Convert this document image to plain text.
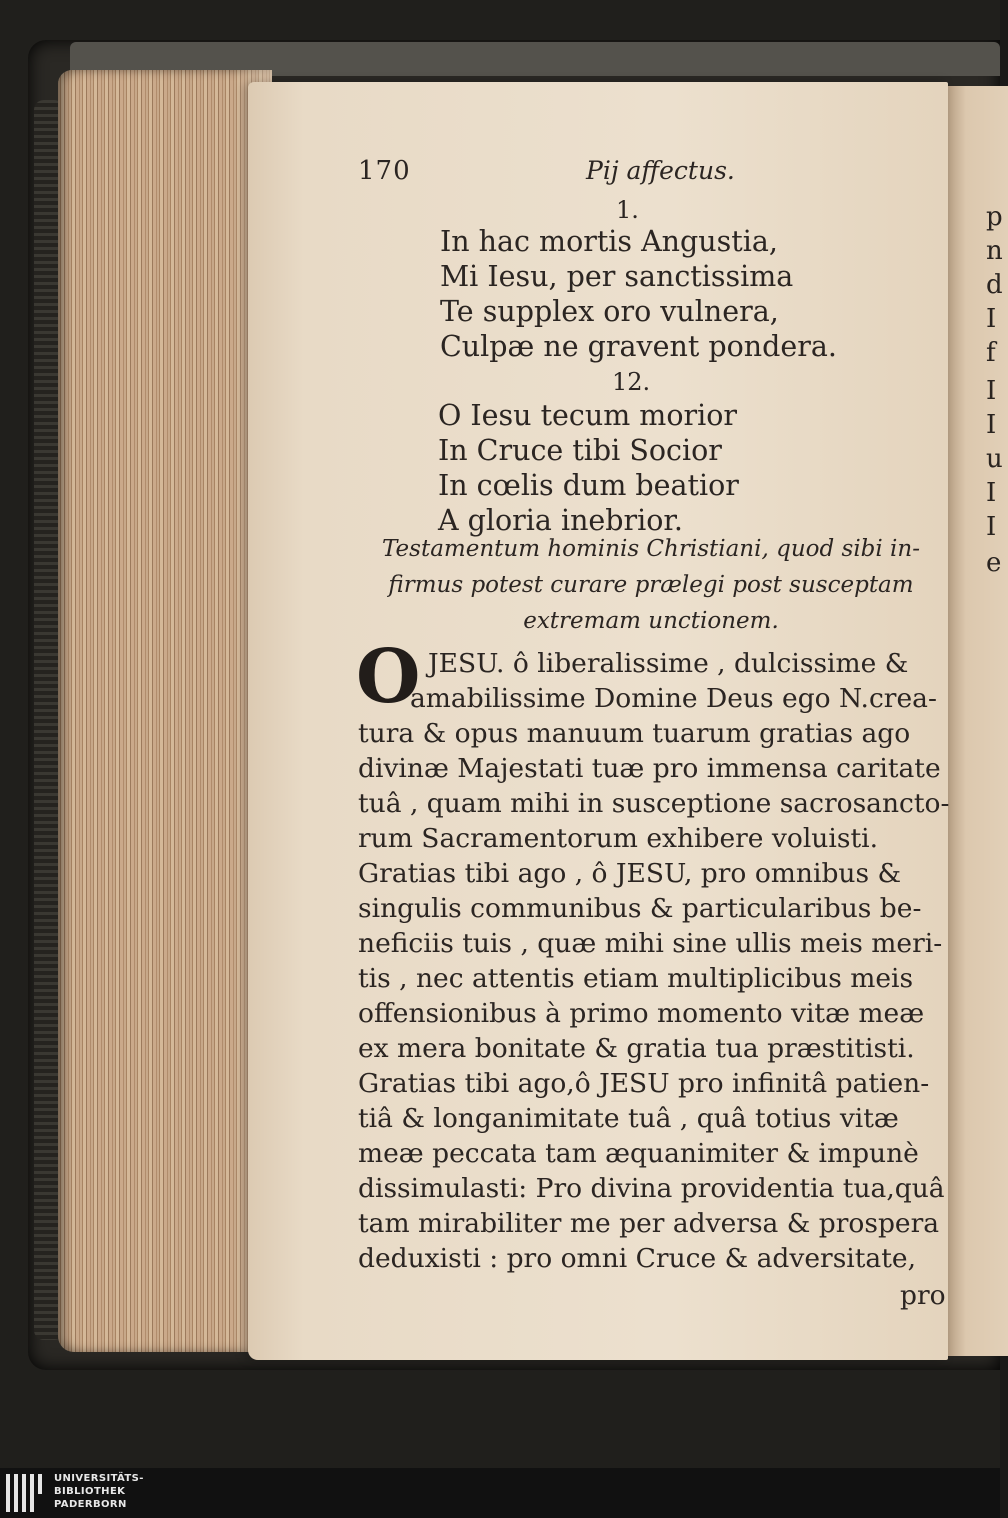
p
n
d
I
f
I
I
u
I
I
e
170	Pij affectus.
1.
In hac mortis Angustia,
Mi Iesu, per sanctissima
Te supplex oro vulnera,
Culpæ ne gravent pondera.
12.
O Iesu tecum morior
In Cruce tibi Socior
In cœlis dum beatior
A gloria inebrior.
Testamentum hominis Christiani, quod sibi in-
firmus potest curare prælegi post susceptam
extremam unctionem.
O JESU. ô liberalissime , dulcissime &
amabilissime Domine Deus ego N.crea-
tura & opus manuum tuarum gratias ago
divinæ Majestati tuæ pro immensa caritate
tuâ , quam mihi in susceptione sacrosancto-
rum Sacramentorum exhibere voluisti.
Gratias tibi ago , ô JESU, pro omnibus &
singulis communibus & particularibus be-
neficiis tuis , quæ mihi sine ullis meis meri-
tis , nec attentis etiam multiplicibus meis
offensionibus à primo momento vitæ meæ
ex mera bonitate & gratia tua præstitisti.
Gratias tibi ago,ô JESU pro infinitâ patien-
tiâ & longanimitate tuâ , quâ totius vitæ
meæ peccata tam æquanimiter & impunè
dissimulasti: Pro divina providentia tua,quâ
tam mirabiliter me per adversa & prospera
deduxisti : pro omni Cruce & adversitate,
pro
UNIVERSITÄTS-
BIBLIOTHEK
PADERBORN
